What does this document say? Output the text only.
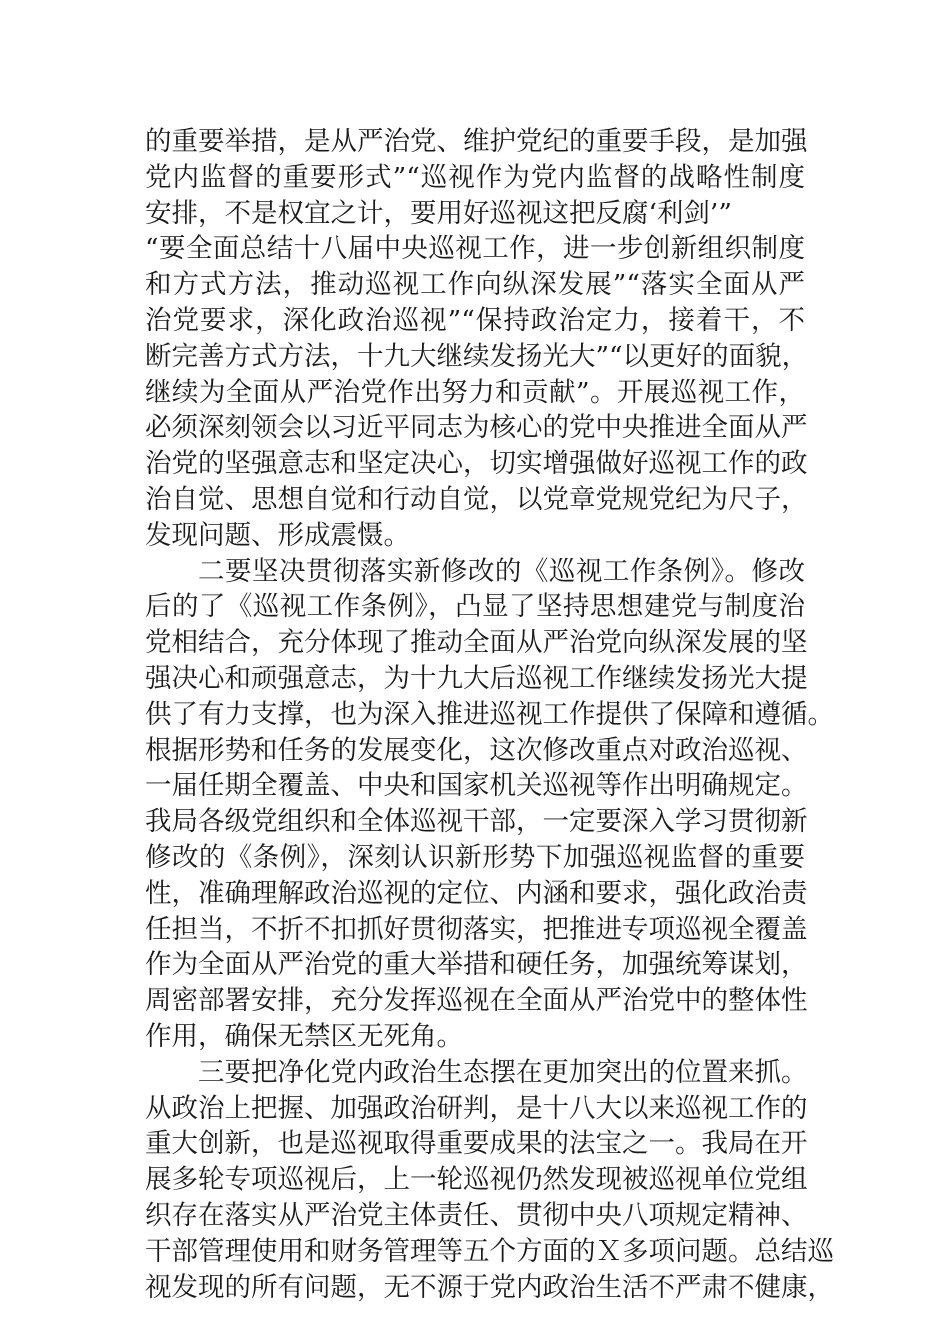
的重要举措，是从严治党、维护党纪的重要手段，是加强
党内监督的重要形式”“巡视作为党内监督的战略性制度
安排，不是权宜之计，要用好巡视这把反腐‘利剑’”
“要全面总结十八届中央巡视工作，进一步创新组织制度
和方式方法，推动巡视工作向纵深发展”“落实全面从严
治党要求，深化政治巡视”“保持政治定力，接着干，不
断完善方式方法，十九大继续发扬光大”“以更好的面貌，
继续为全面从严治党作出努力和贡献”。开展巡视工作，
必须深刻领会以习近平同志为核心的党中央推进全面从严
治党的坚强意志和坚定决心，切实增强做好巡视工作的政
治自觉、思想自觉和行动自觉，以党章党规党纪为尺子，
发现问题、形成震慑。
二要坚决贯彻落实新修改的《巡视工作条例》。修改
后的了《巡视工作条例》，凸显了坚持思想建党与制度治
党相结合，充分体现了推动全面从严治党向纵深发展的坚
强决心和顽强意志，为十九大后巡视工作继续发扬光大提
供了有力支撑，也为深入推进巡视工作提供了保障和遵循。
根据形势和任务的发展变化，这次修改重点对政治巡视、
一届任期全覆盖、中央和国家机关巡视等作出明确规定。
我局各级党组织和全体巡视干部，一定要深入学习贯彻新
修改的《条例》，深刻认识新形势下加强巡视监督的重要
性，准确理解政治巡视的定位、内涵和要求，强化政治责
任担当，不折不扣抓好贯彻落实，把推进专项巡视全覆盖
作为全面从严治党的重大举措和硬任务，加强统筹谋划，
周密部署安排，充分发挥巡视在全面从严治党中的整体性
作用，确保无禁区无死角。
三要把净化党内政治生态摆在更加突出的位置来抓。
从政治上把握、加强政治研判，是十八大以来巡视工作的
重大创新，也是巡视取得重要成果的法宝之一。我局在开
展多轮专项巡视后，上一轮巡视仍然发现被巡视单位党组
织存在落实从严治党主体责任、贯彻中央八项规定精神、
干部管理使用和财务管理等五个方面的Ｘ多项问题。总结巡
视发现的所有问题，无不源于党内政治生活不严肃不健康，
